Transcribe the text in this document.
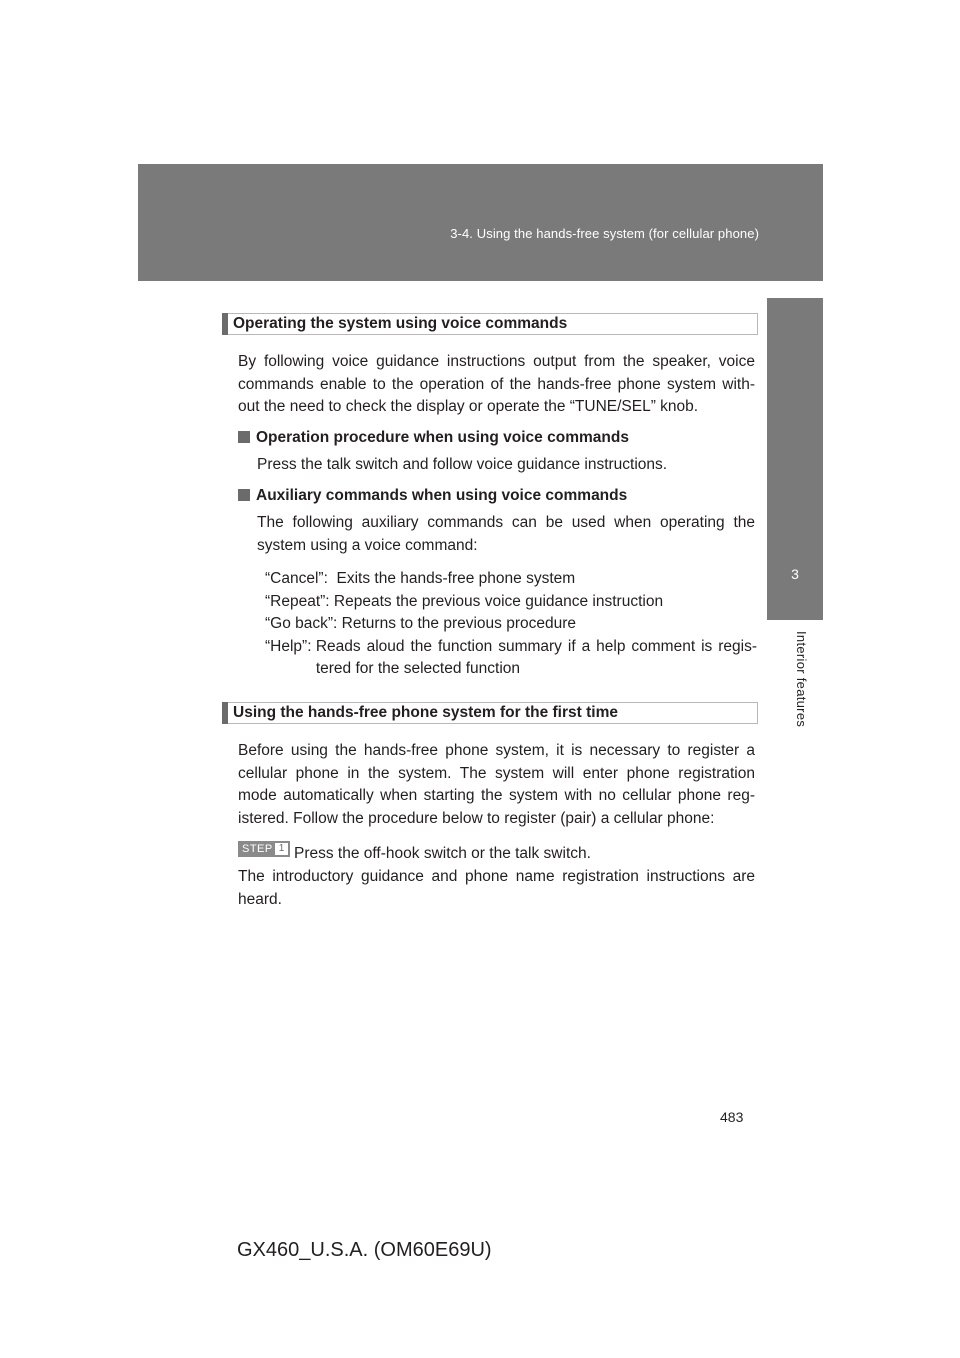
3-4. Using the hands-free system (for cellular phone)
3
Interior features
Operating the system using voice commands
By following voice guidance instructions output from the speaker, voice commands enable to the operation of the hands-free phone system with-out the need to check the display or operate the “TUNE/SEL” knob.
Operation procedure when using voice commands
Press the talk switch and follow voice guidance instructions.
Auxiliary commands when using voice commands
The following auxiliary commands can be used when operating the system using a voice command:
“Cancel”: Exits the hands-free phone system
“Repeat”: Repeats the previous voice guidance instruction
“Go back”: Returns to the previous procedure
“Help”: Reads aloud the function summary if a help comment is regis-tered for the selected function
Using the hands-free phone system for the first time
Before using the hands-free phone system, it is necessary to register a cellular phone in the system. The system will enter phone registration mode automatically when starting the system with no cellular phone reg-istered. Follow the procedure below to register (pair) a cellular phone:
STEP 1 Press the off-hook switch or the talk switch.
The introductory guidance and phone name registration instructions are heard.
483
GX460_U.S.A. (OM60E69U)
